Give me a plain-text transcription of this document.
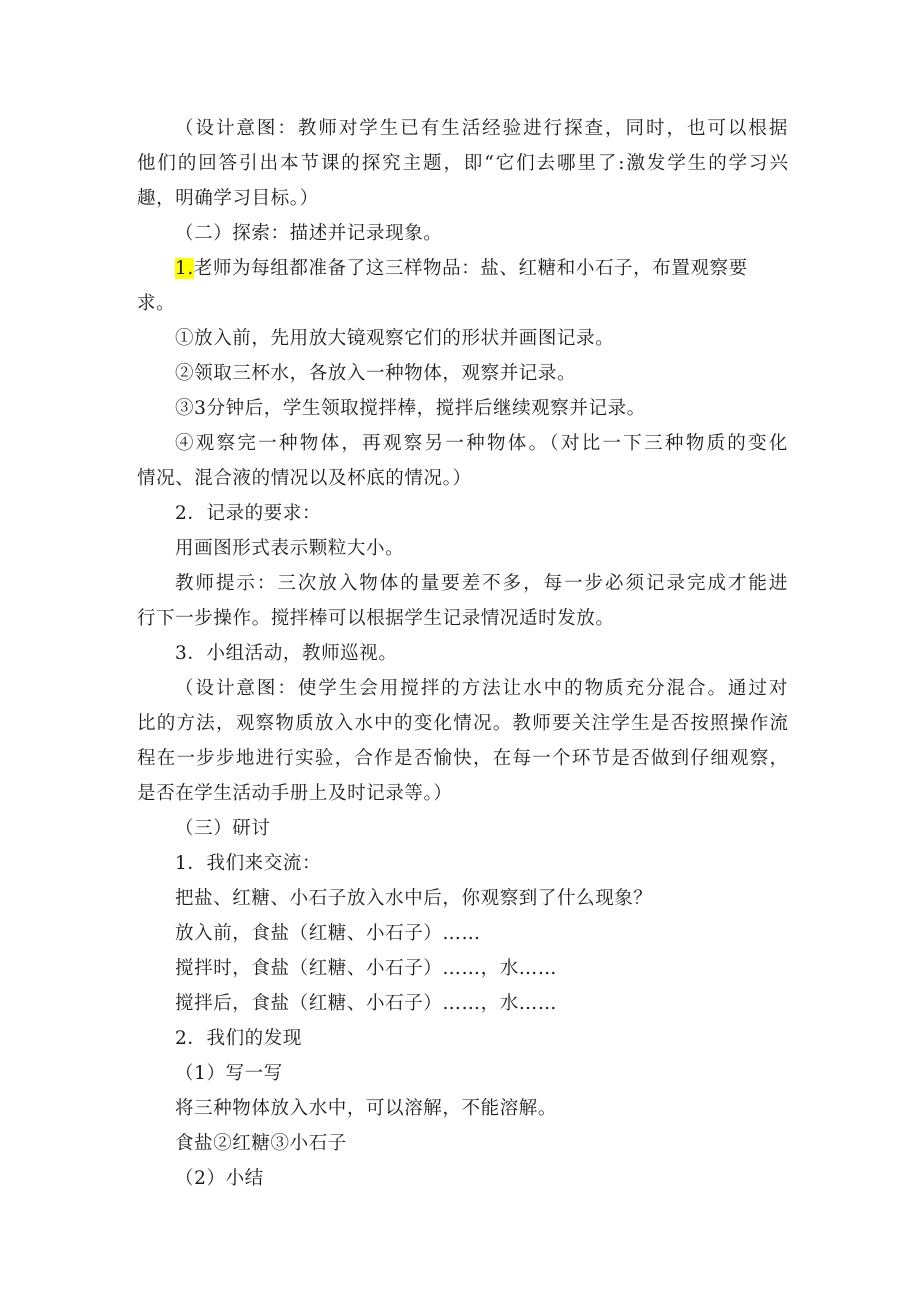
（设计意图：教师对学生已有生活经验进行探查，同时，也可以根据
他们的回答引出本节课的探究主题，即“它们去哪里了:激发学生的学习兴
趣，明确学习目标。）
（二）探索：描述并记录现象。
1.老师为每组都准备了这三样物品：盐、红糖和小石子，布置观察要
求。
①放入前，先用放大镜观察它们的形状并画图记录。
②领取三杯水，各放入一种物体，观察并记录。
③3分钟后，学生领取搅拌棒，搅拌后继续观察并记录。
④观察完一种物体，再观察另一种物体。（对比一下三种物质的变化
情况、混合液的情况以及杯底的情况。）
2．记录的要求：
用画图形式表示颗粒大小。
教师提示：三次放入物体的量要差不多，每一步必须记录完成才能进
行下一步操作。搅拌棒可以根据学生记录情况适时发放。
3．小组活动，教师巡视。
（设计意图：使学生会用搅拌的方法让水中的物质充分混合。通过对
比的方法，观察物质放入水中的变化情况。教师要关注学生是否按照操作流
程在一步步地进行实验，合作是否愉快，在每一个环节是否做到仔细观察，
是否在学生活动手册上及时记录等。）
（三）研讨
1．我们来交流：
把盐、红糖、小石子放入水中后，你观察到了什么现象？
放入前，食盐（红糖、小石子）……
搅拌时，食盐（红糖、小石子）……，水……
搅拌后，食盐（红糖、小石子）……，水……
2．我们的发现
（1）写一写
将三种物体放入水中，可以溶解，不能溶解。
食盐②红糖③小石子
（2）小结
